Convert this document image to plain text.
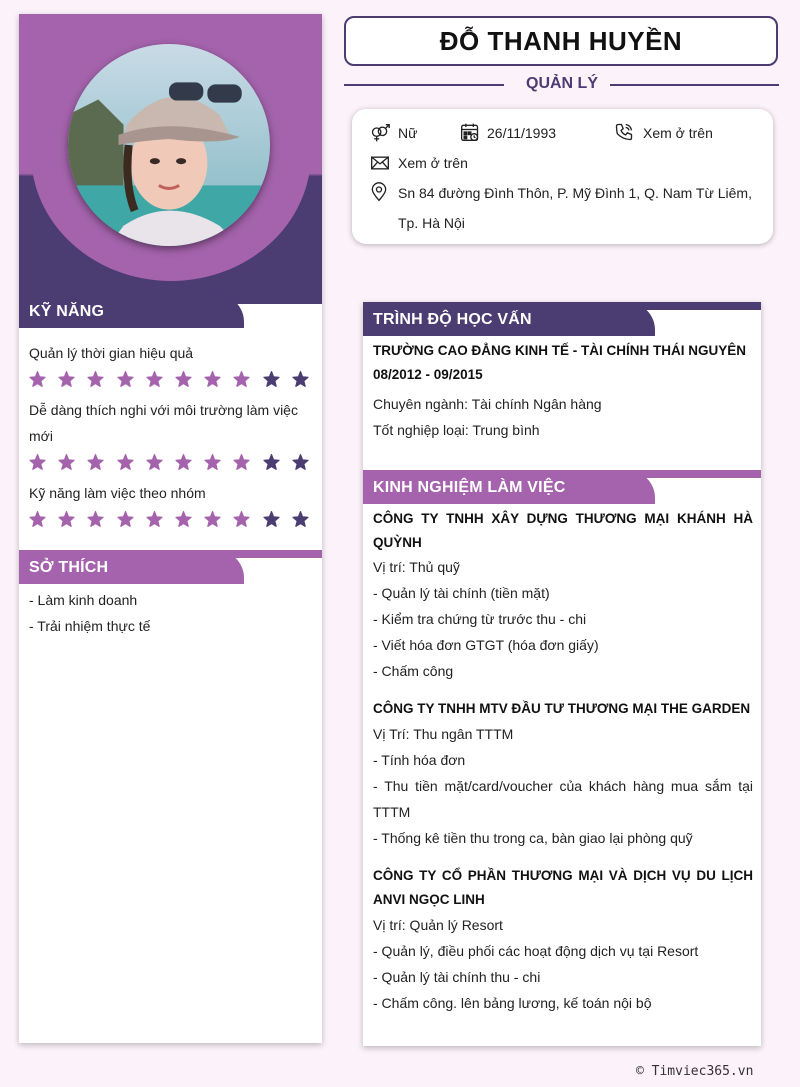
KỸ NĂNG
Quản lý thời gian hiệu quả
Dễ dàng thích nghi với môi trường làm việc
mới
Kỹ năng làm việc theo nhóm
SỞ THÍCH
- Làm kinh doanh
- Trải nhiệm thực tế
ĐỖ THANH HUYỀN
QUẢN LÝ
Nữ	26/11/1993	Xem ở trên
Xem ở trên
Sn 84 đường Đình Thôn, P. Mỹ Đình 1, Q. Nam Từ Liêm,
Tp. Hà Nội
TRÌNH ĐỘ HỌC VẤN
TRƯỜNG CAO ĐẲNG KINH TẾ - TÀI CHÍNH THÁI NGUYÊN
08/2012 - 09/2015
Chuyên ngành: Tài chính Ngân hàng
Tốt nghiệp loại: Trung bình
KINH NGHIỆM LÀM VIỆC
CÔNG TY TNHH XÂY DỰNG THƯƠNG MẠI KHÁNH HÀ
QUỲNH
Vị trí: Thủ quỹ
- Quản lý tài chính (tiền mặt)
- Kiểm tra chứng từ trước thu - chi
- Viết hóa đơn GTGT (hóa đơn giấy)
- Chấm công
CÔNG TY TNHH MTV ĐẦU TƯ THƯƠNG MẠI THE GARDEN
Vị Trí: Thu ngân TTTM
- Tính hóa đơn
- Thu tiền mặt/card/voucher của khách hàng mua sắm tại
TTTM
- Thống kê tiền thu trong ca, bàn giao lại phòng quỹ
CÔNG TY CỔ PHẦN THƯƠNG MẠI VÀ DỊCH VỤ DU LỊCH
ANVI NGỌC LINH
Vị trí: Quản lý Resort
- Quản lý, điều phối các hoạt động dịch vụ tại Resort
- Quản lý tài chính thu - chi
- Chấm công. lên bảng lương, kế toán nội bộ
© Timviec365.vn
